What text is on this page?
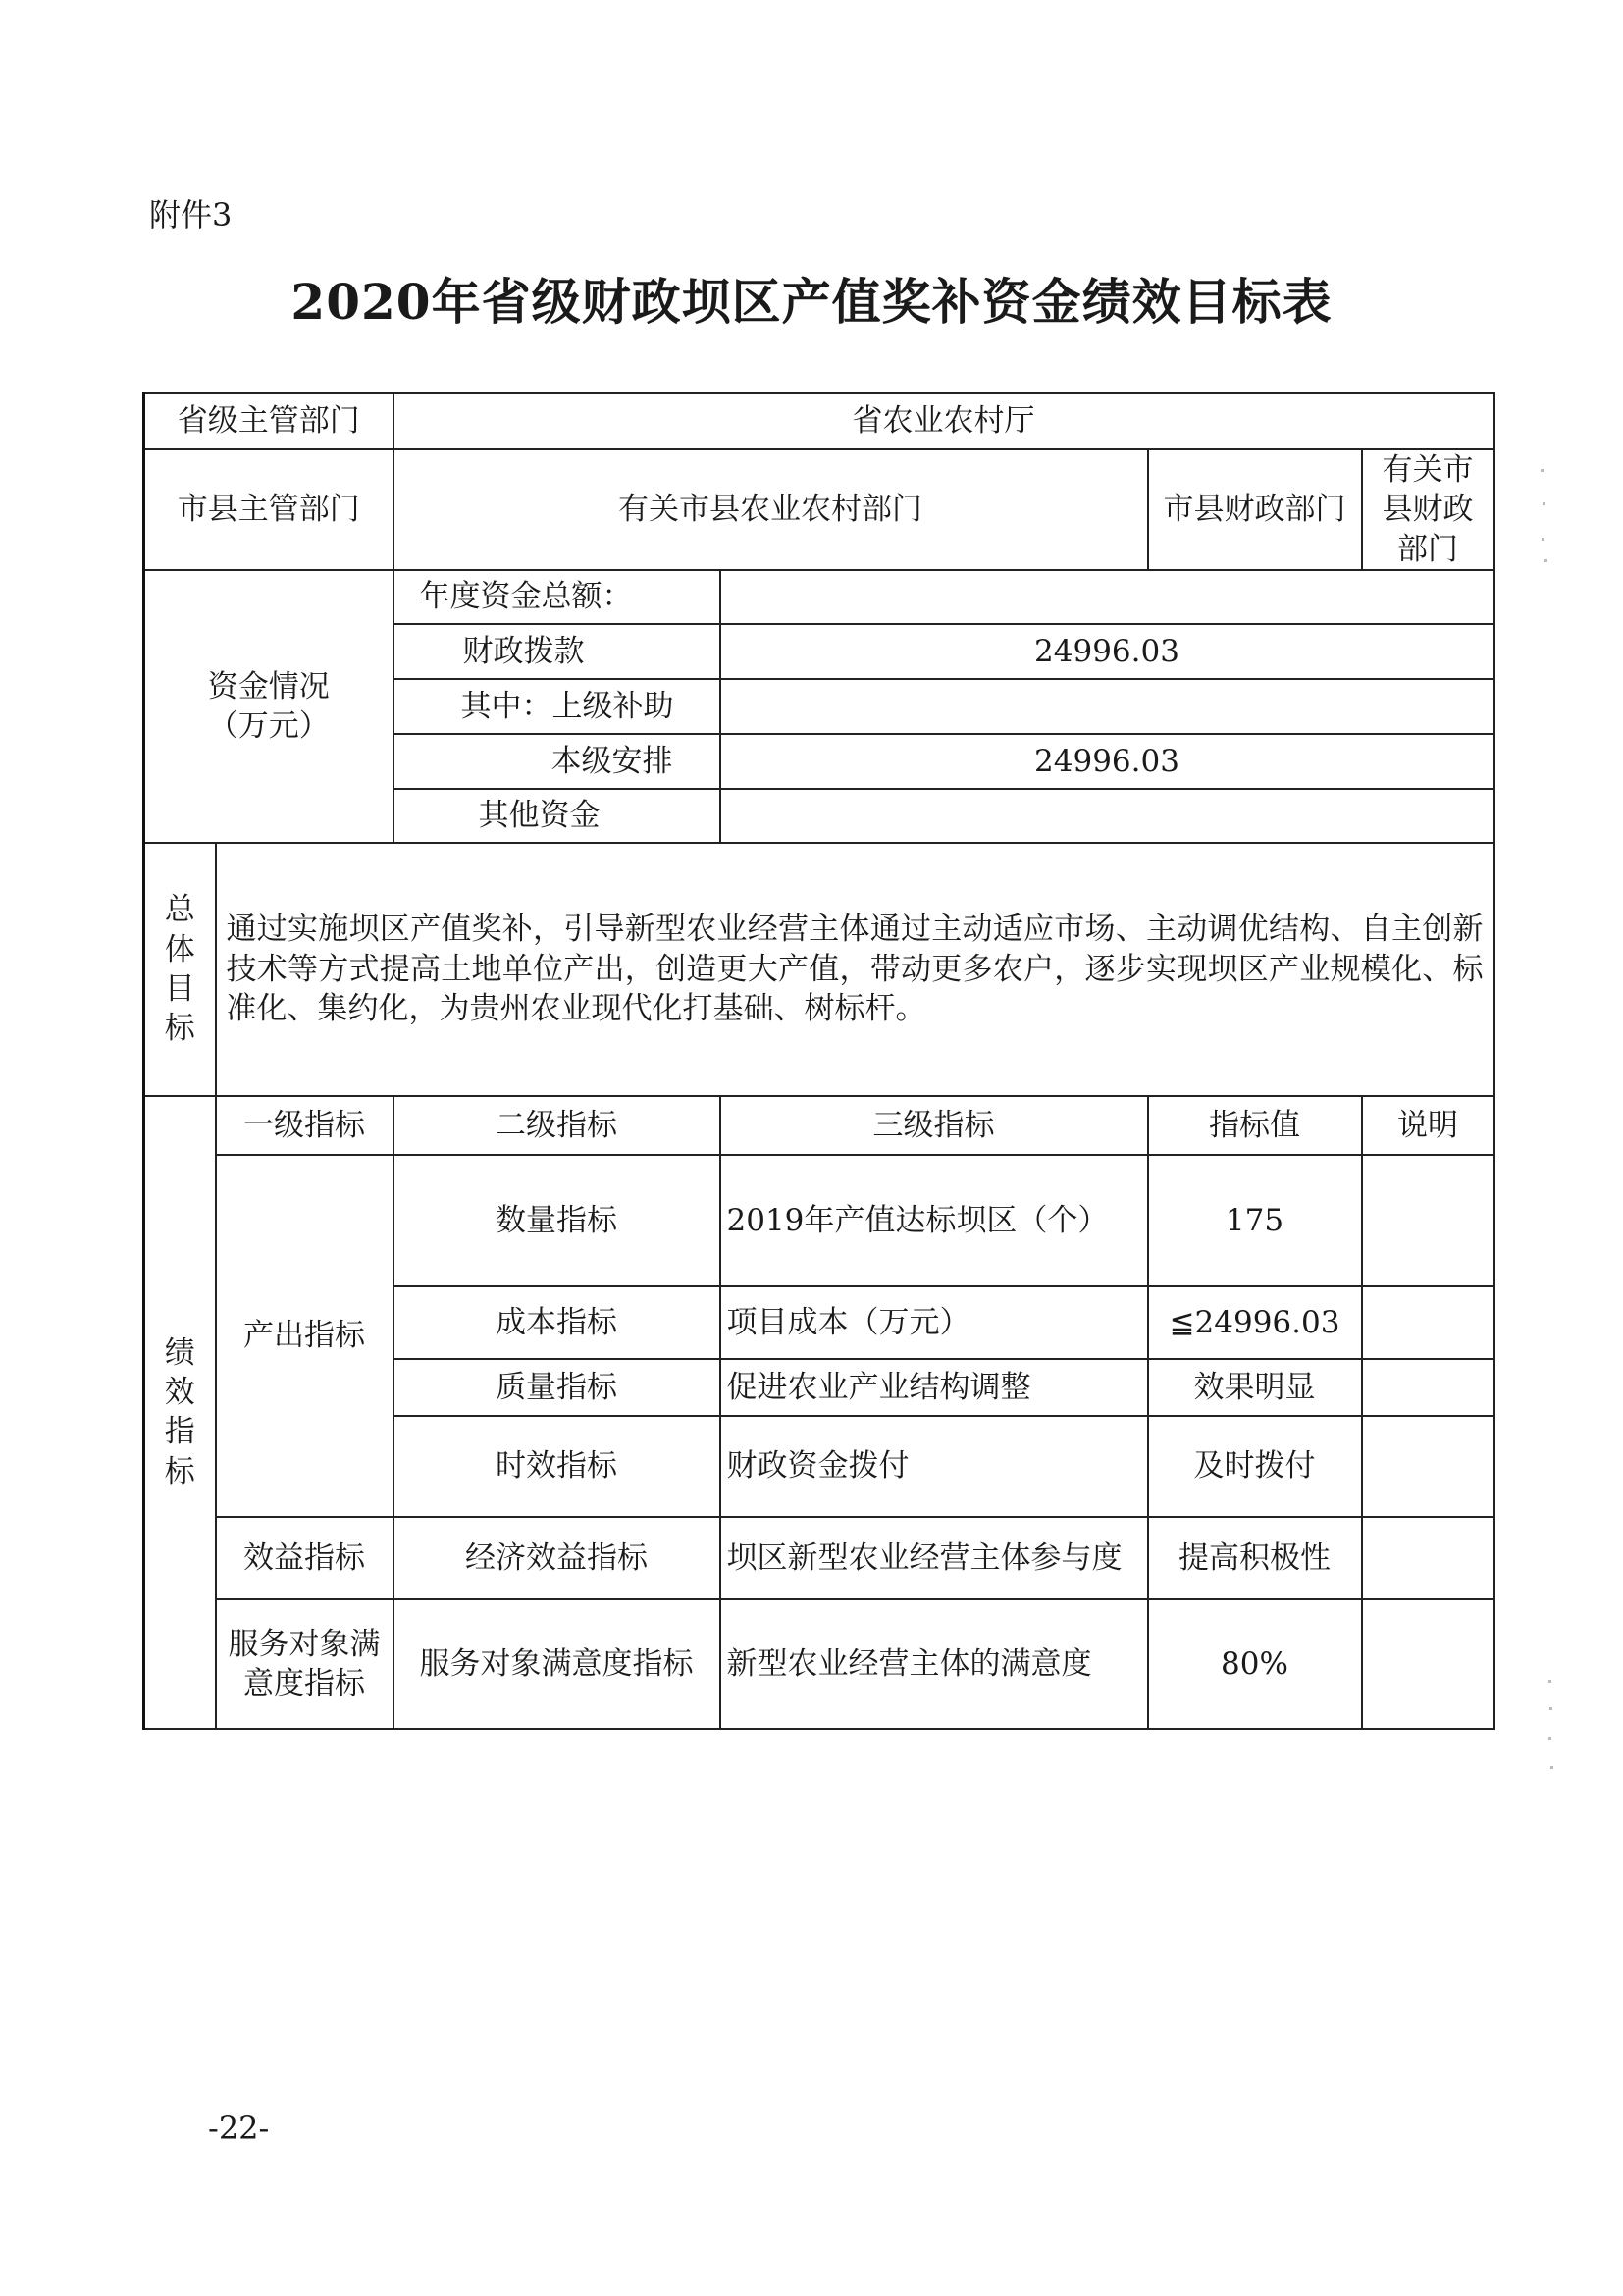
附件3
2020年省级财政坝区产值奖补资金绩效目标表
省级主管部门		省农业农村厅			
市县主管部门		有关市县农业农村部门		市县财政部门	有关市县财政部门

资金情况
（万元）		年度资金总额：			
		财政拨款	24996.03		
		其中：上级补助			
		本级安排	24996.03		
		其他资金			

总
体
目
标	通过实施坝区产值奖补，引导新型农业经营主体通过主动适应市场、主动调优结构、自主创新技术等方式提高土地单位产出，创造更大产值，带动更多农户，逐步实现坝区产业规模化、标准化、集约化，为贵州农业现代化打基础、树标杆。				

绩
效
指
标	一级指标	二级指标	三级指标	指标值	说明
	产出指标	数量指标	2019年产值达标坝区（个）	175	
		成本指标	项目成本（万元）	≦24996.03	
		质量指标	促进农业产业结构调整	效果明显	
		时效指标	财政资金拨付	及时拨付	
	效益指标	经济效益指标	坝区新型农业经营主体参与度	提高积极性	

	服务对象满
意度指标	服务对象满意度指标	新型农业经营主体的满意度	80%	
-22-
